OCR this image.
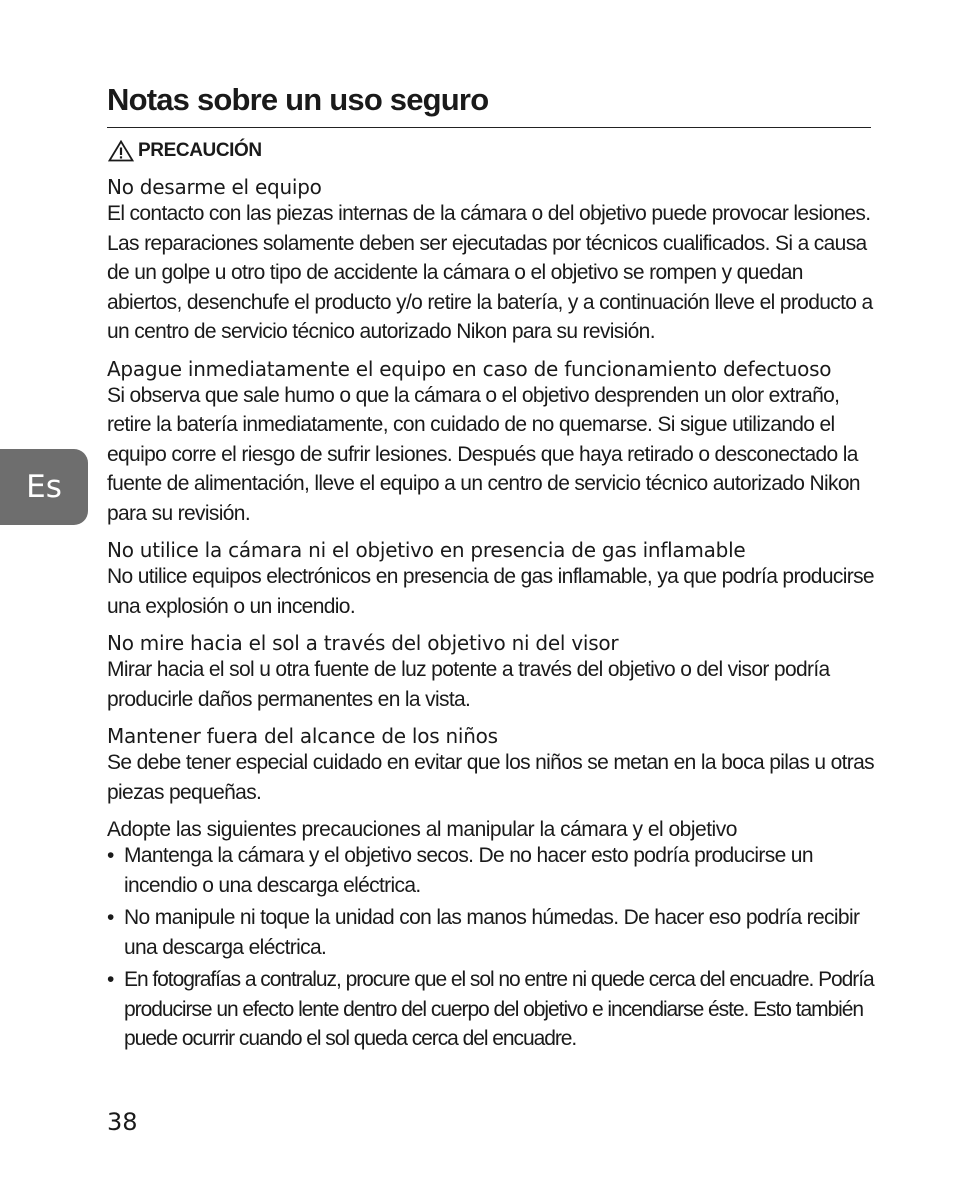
Notas sobre un uso seguro
PRECAUCIÓN
No desarme el equipo

El contacto con las piezas internas de la cámara o del objetivo puede provocar lesiones. Las reparaciones solamente deben ser ejecutadas por técnicos cualificados. Si a causa de un golpe u otro tipo de accidente la cámara o el objetivo se rompen y quedan abiertos, desenchufe el producto y/o retire la batería, y a continuación lleve el producto a un centro de servicio técnico autorizado Nikon para su revisión.

Apague inmediatamente el equipo en caso de funcionamiento defectuoso

Si observa que sale humo o que la cámara o el objetivo desprenden un olor extraño, retire la batería inmediatamente, con cuidado de no quemarse. Si sigue utilizando el equipo corre el riesgo de sufrir lesiones. Después que haya retirado o desconectado la fuente de alimentación, lleve el equipo a un centro de servicio técnico autorizado Nikon para su revisión.

No utilice la cámara ni el objetivo en presencia de gas inflamable

No utilice equipos electrónicos en presencia de gas inflamable, ya que podría producirse una explosión o un incendio.

No mire hacia el sol a través del objetivo ni del visor

Mirar hacia el sol u otra fuente de luz potente a través del objetivo o del visor podría producirle daños permanentes en la vista.

Mantener fuera del alcance de los niños

Se debe tener especial cuidado en evitar que los niños se metan en la boca pilas u otras piezas pequeñas.

Adopte las siguientes precauciones al manipular la cámara y el objetivo
• Mantenga la cámara y el objetivo secos. De no hacer esto podría producirse un incendio o una descarga eléctrica.
• No manipule ni toque la unidad con las manos húmedas. De hacer eso podría recibir una descarga eléctrica.
• En fotografías a contraluz, procure que el sol no entre ni quede cerca del encuadre. Podría producirse un efecto lente dentro del cuerpo del objetivo e incendiarse éste. Esto también puede ocurrir cuando el sol queda cerca del encuadre.
Es
38
